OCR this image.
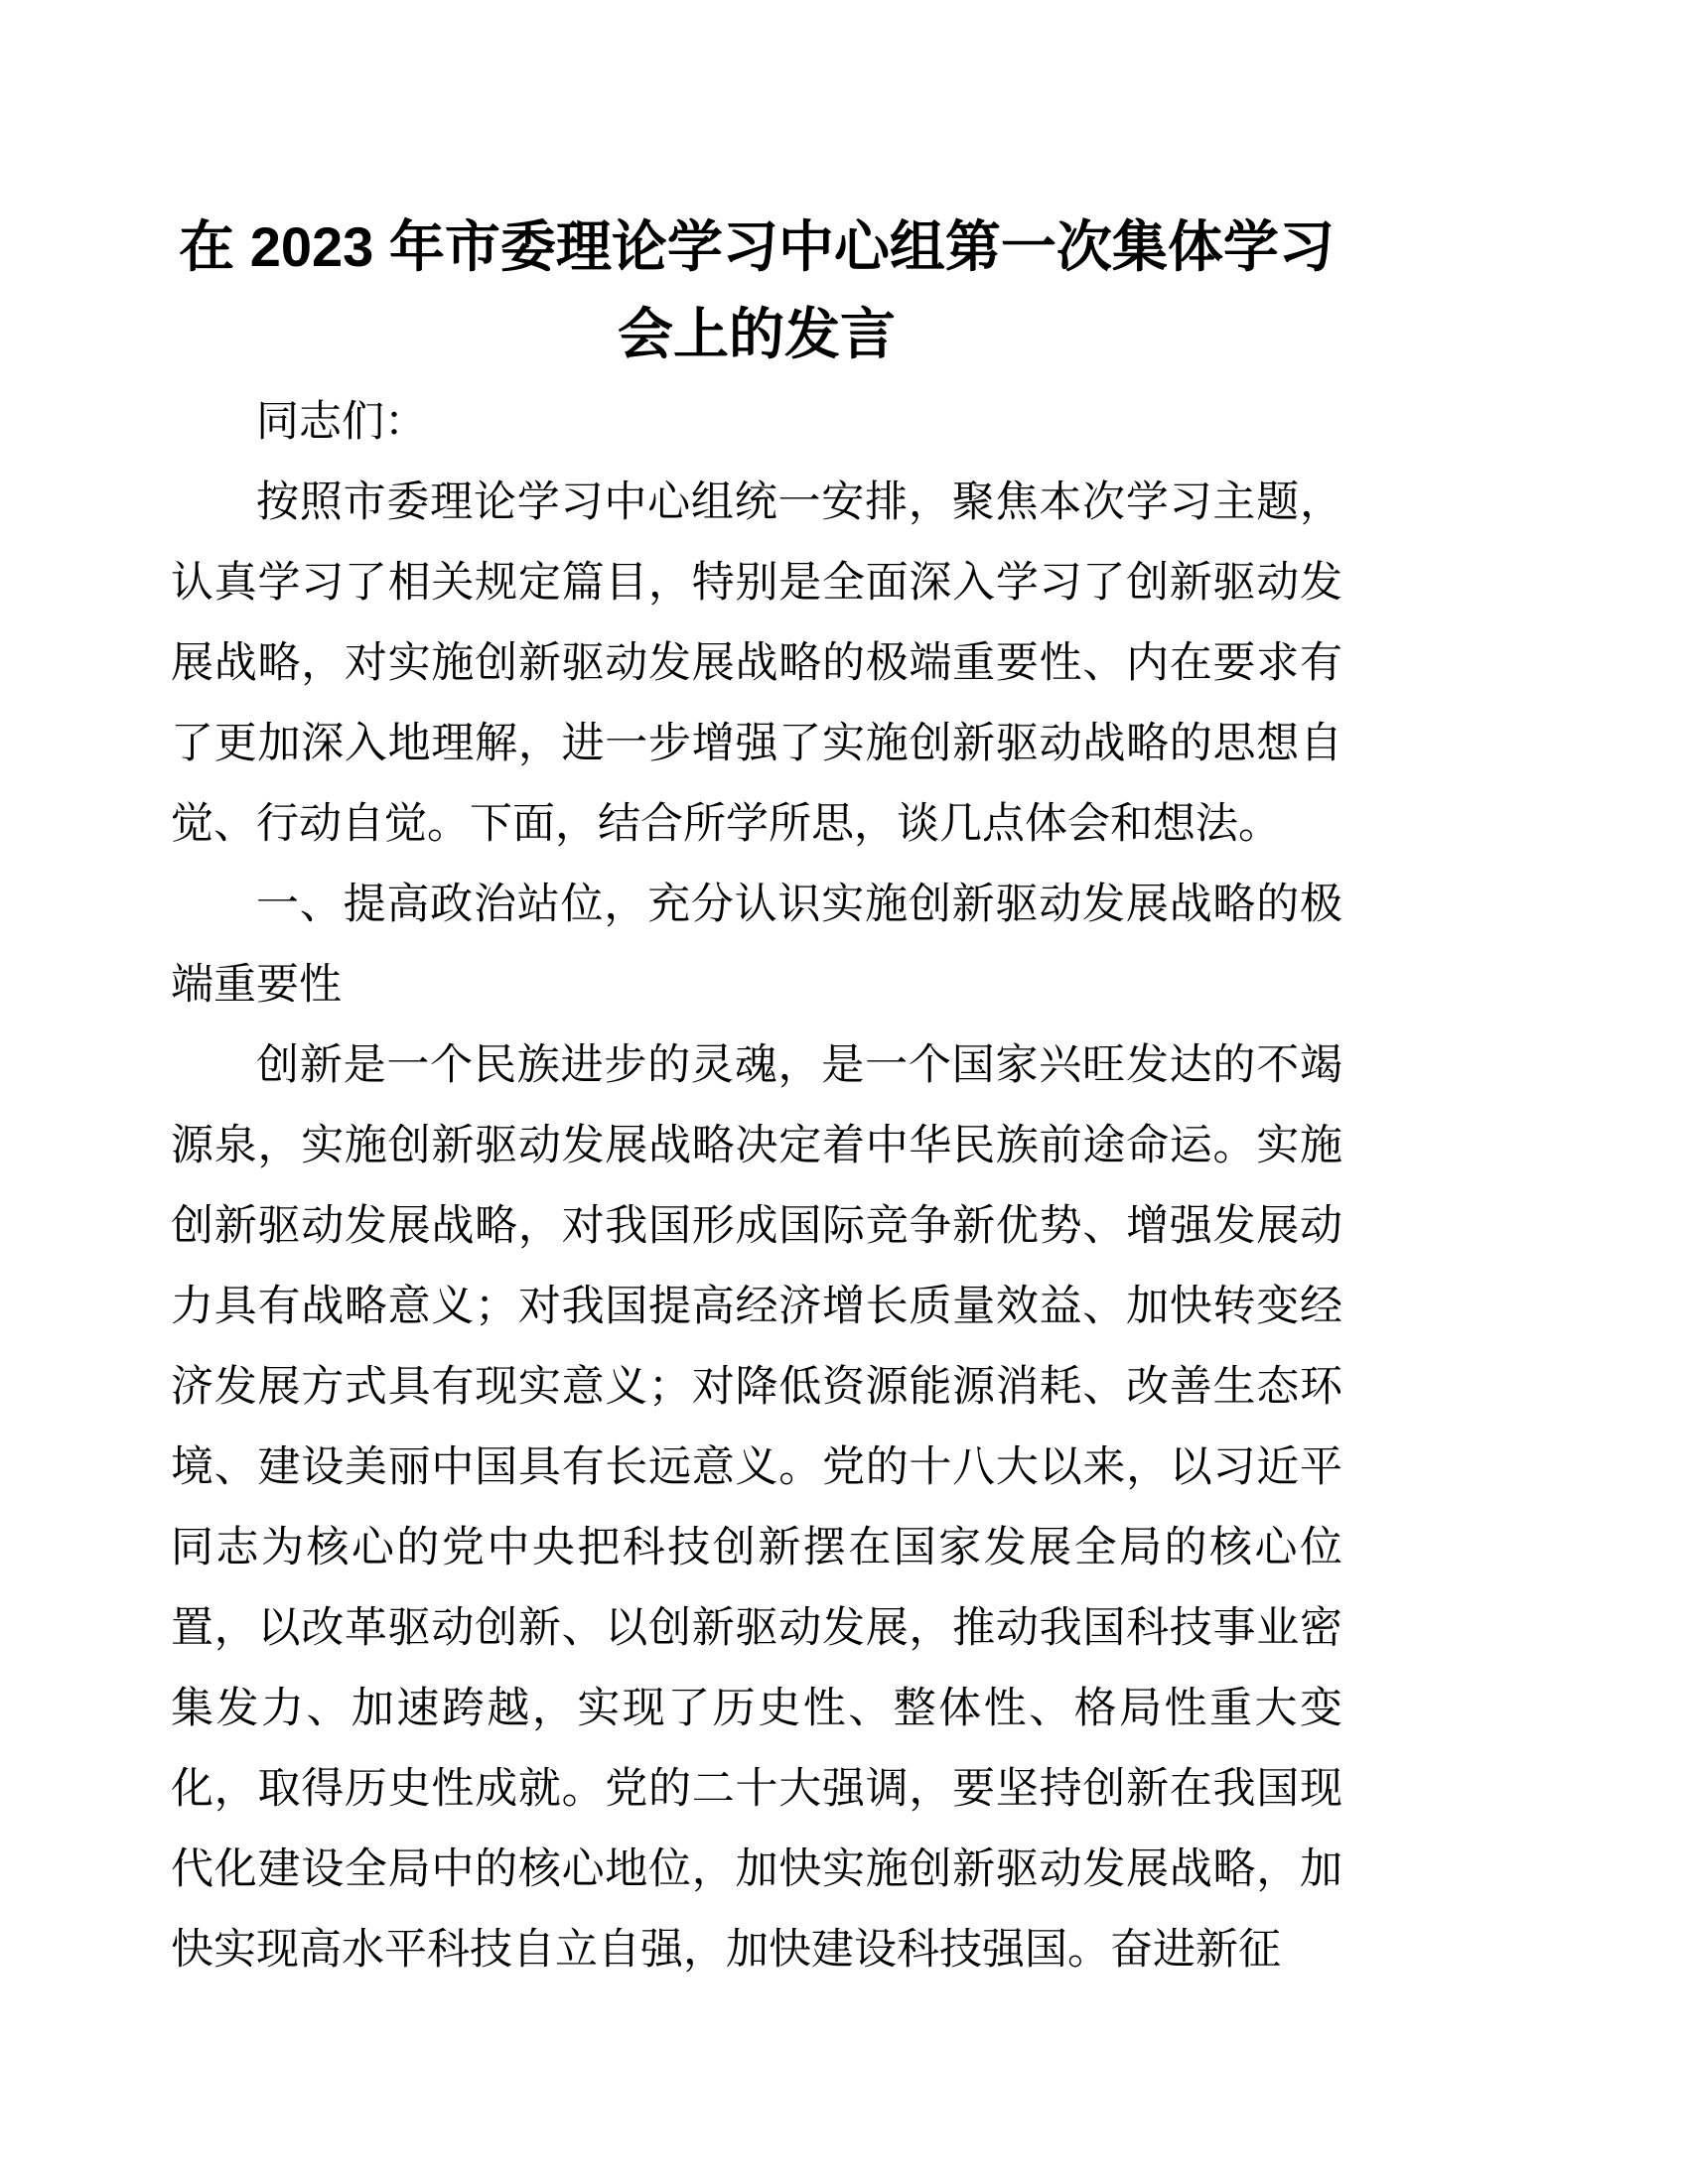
在 2023 年市委理论学习中心组第一次集体学习会上的发言

同志们：

按照市委理论学习中心组统一安排，聚焦本次学习主题，认真学习了相关规定篇目，特别是全面深入学习了创新驱动发展战略，对实施创新驱动发展战略的极端重要性、内在要求有了更加深入地理解，进一步增强了实施创新驱动战略的思想自觉、行动自觉。下面，结合所学所思，谈几点体会和想法。

一、提高政治站位，充分认识实施创新驱动发展战略的极端重要性

创新是一个民族进步的灵魂，是一个国家兴旺发达的不竭源泉，实施创新驱动发展战略决定着中华民族前途命运。实施创新驱动发展战略，对我国形成国际竞争新优势、增强发展动力具有战略意义；对我国提高经济增长质量效益、加快转变经济发展方式具有现实意义；对降低资源能源消耗、改善生态环境、建设美丽中国具有长远意义。党的十八大以来，以习近平同志为核心的党中央把科技创新摆在国家发展全局的核心位置，以改革驱动创新、以创新驱动发展，推动我国科技事业密集发力、加速跨越，实现了历史性、整体性、格局性重大变化，取得历史性成就。党的二十大强调，要坚持创新在我国现代化建设全局中的核心地位，加快实施创新驱动发展战略，加快实现高水平科技自立自强，加快建设科技强国。奋进新征
